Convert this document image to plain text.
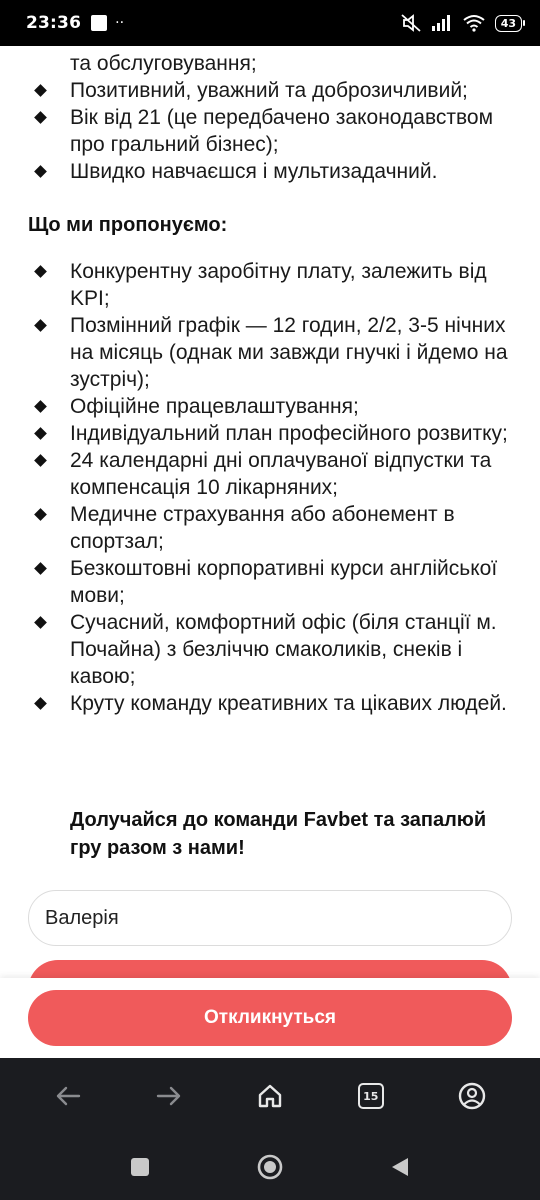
23:36 ··	43
та обслуговування;
Позитивний, уважний та доброзичливий;
Вік від 21 (це передбачено законодавством про гральний бізнес);
Швидко навчаєшся і мультизадачний.
Що ми пропонуємо:
Конкурентну заробітну плату, залежить від KPI;
Позмінний графік — 12 годин, 2/2, 3-5 нічних на місяць (однак ми завжди гнучкі і йдемо на зустріч);
Офіційне працевлаштування;
Індивідуальний план професійного розвитку;
24 календарні дні оплачуваної відпустки та компенсація 10 лікарняних;
Медичне страхування або абонемент в спортзал;
Безкоштовні корпоративні курси англійської мови;
Сучасний, комфортний офіс (біля станції м. Почайна) з безліччю смаколиків, снеків і кавою;
Круту команду креативних та цікавих людей.
Долучайся до команди Favbet та запалюй гру разом з нами!
Валерія
Откликнуться
15
